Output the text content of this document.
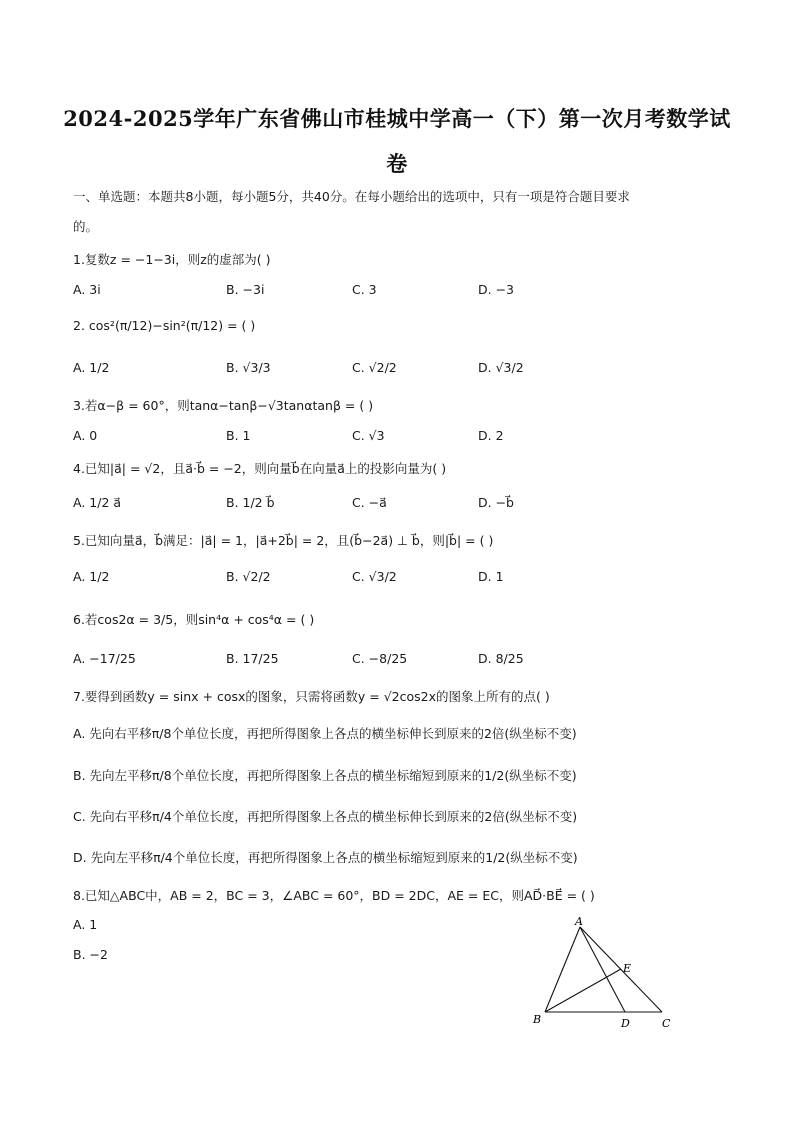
2024-2025学年广东省佛山市桂城中学高一（下）第一次月考数学试
卷
一、单选题：本题共8小题，每小题5分，共40分。在每小题给出的选项中，只有一项是符合题目要求
的。
1.复数z = −1−3i，则z的虚部为( )
A. 3i	B. −3i	C. 3	D. −3
2. cos²(π/12)−sin²(π/12) = ( )
A. 1/2	B. √3/3	C. √2/2	D. √3/2
3.若α−β = 60°，则tanα−tanβ−√3tanαtanβ = ( )
A. 0	B. 1	C. √3	D. 2
4.已知|a⃗| = √2，且a⃗·b⃗ = −2，则向量b⃗在向量a⃗上的投影向量为( )
A. 1/2 a⃗	B. 1/2 b⃗	C. −a⃗	D. −b⃗
5.已知向量a⃗，b⃗满足：|a⃗| = 1，|a⃗+2b⃗| = 2，且(b⃗−2a⃗) ⊥ b⃗，则|b⃗| = ( )
A. 1/2	B. √2/2	C. √3/2	D. 1
6.若cos2α = 3/5，则sin⁴α + cos⁴α = ( )
A. −17/25	B. 17/25	C. −8/25	D. 8/25
7.要得到函数y = sinx + cosx的图象，只需将函数y = √2cos2x的图象上所有的点( )
A. 先向右平移π/8个单位长度，再把所得图象上各点的横坐标伸长到原来的2倍(纵坐标不变)
B. 先向左平移π/8个单位长度，再把所得图象上各点的横坐标缩短到原来的1/2(纵坐标不变)
C. 先向右平移π/4个单位长度，再把所得图象上各点的横坐标伸长到原来的2倍(纵坐标不变)
D. 先向左平移π/4个单位长度，再把所得图象上各点的横坐标缩短到原来的1/2(纵坐标不变)
8.已知△ABC中，AB = 2，BC = 3，∠ABC = 60°，BD = 2DC，AE = EC，则AD⃗·BE⃗ = ( )
A. 1
B. −2
A
B	C
D
E
